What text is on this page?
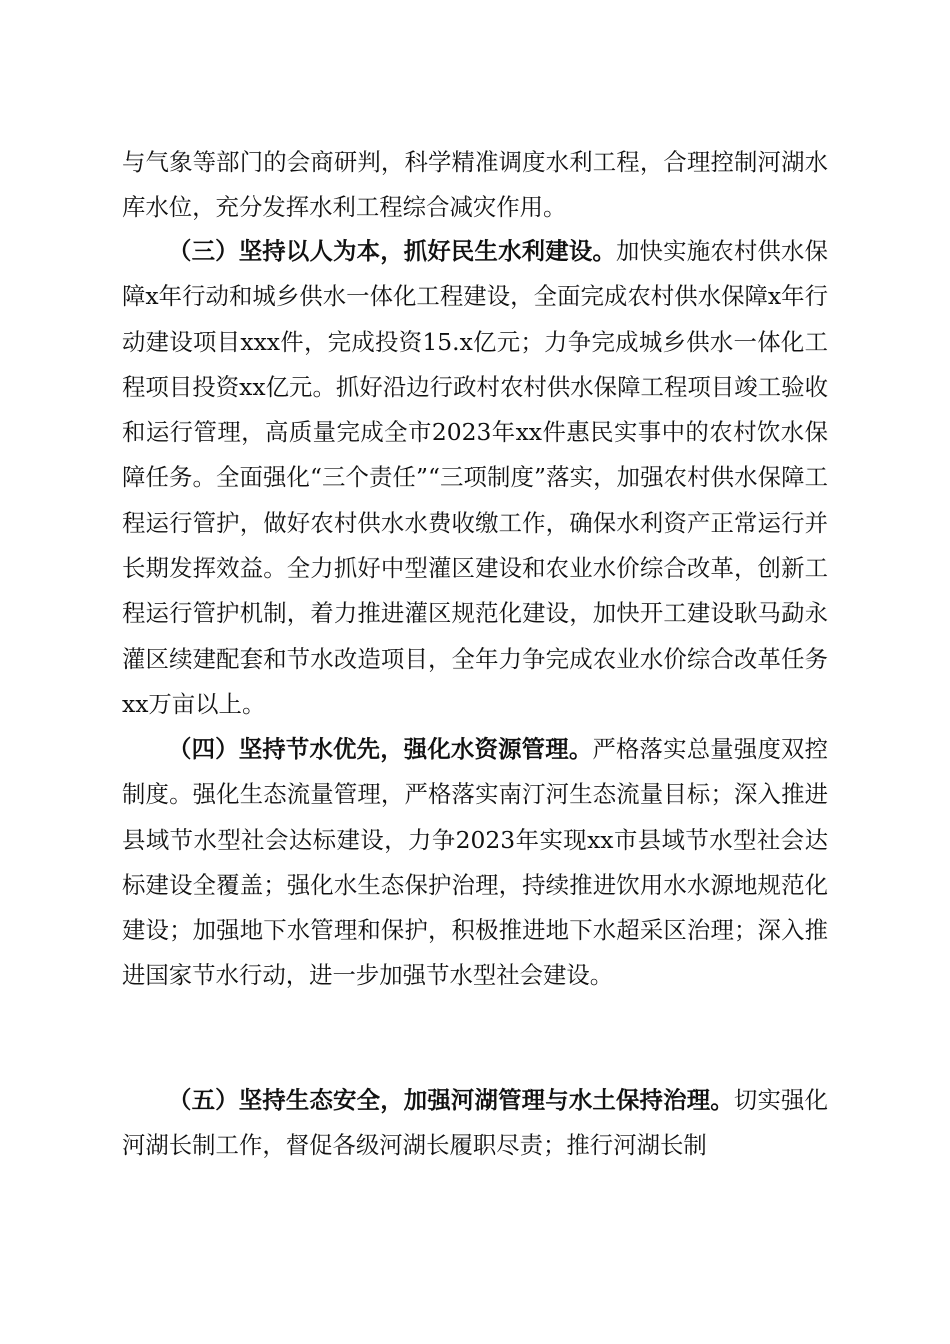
与气象等部门的会商研判，科学精准调度水利工程，合理控制河湖水库水位，充分发挥水利工程综合减灾作用。

（三）坚持以人为本，抓好民生水利建设。加快实施农村供水保障x年行动和城乡供水一体化工程建设，全面完成农村供水保障x年行动建设项目xxx件，完成投资15.x亿元；力争完成城乡供水一体化工程项目投资xx亿元。抓好沿边行政村农村供水保障工程项目竣工验收和运行管理，高质量完成全市2023年xx件惠民实事中的农村饮水保障任务。全面强化“三个责任”“三项制度”落实，加强农村供水保障工程运行管护，做好农村供水水费收缴工作，确保水利资产正常运行并长期发挥效益。全力抓好中型灌区建设和农业水价综合改革，创新工程运行管护机制，着力推进灌区规范化建设，加快开工建设耿马勐永灌区续建配套和节水改造项目，全年力争完成农业水价综合改革任务xx万亩以上。

（四）坚持节水优先，强化水资源管理。严格落实总量强度双控制度。强化生态流量管理，严格落实南汀河生态流量目标；深入推进县域节水型社会达标建设，力争2023年实现xx市县域节水型社会达标建设全覆盖；强化水生态保护治理，持续推进饮用水水源地规范化建设；加强地下水管理和保护，积极推进地下水超采区治理；深入推进国家节水行动，进一步加强节水型社会建设。

（五）坚持生态安全，加强河湖管理与水土保持治理。切实强化河湖长制工作，督促各级河湖长履职尽责；推行河湖长制
